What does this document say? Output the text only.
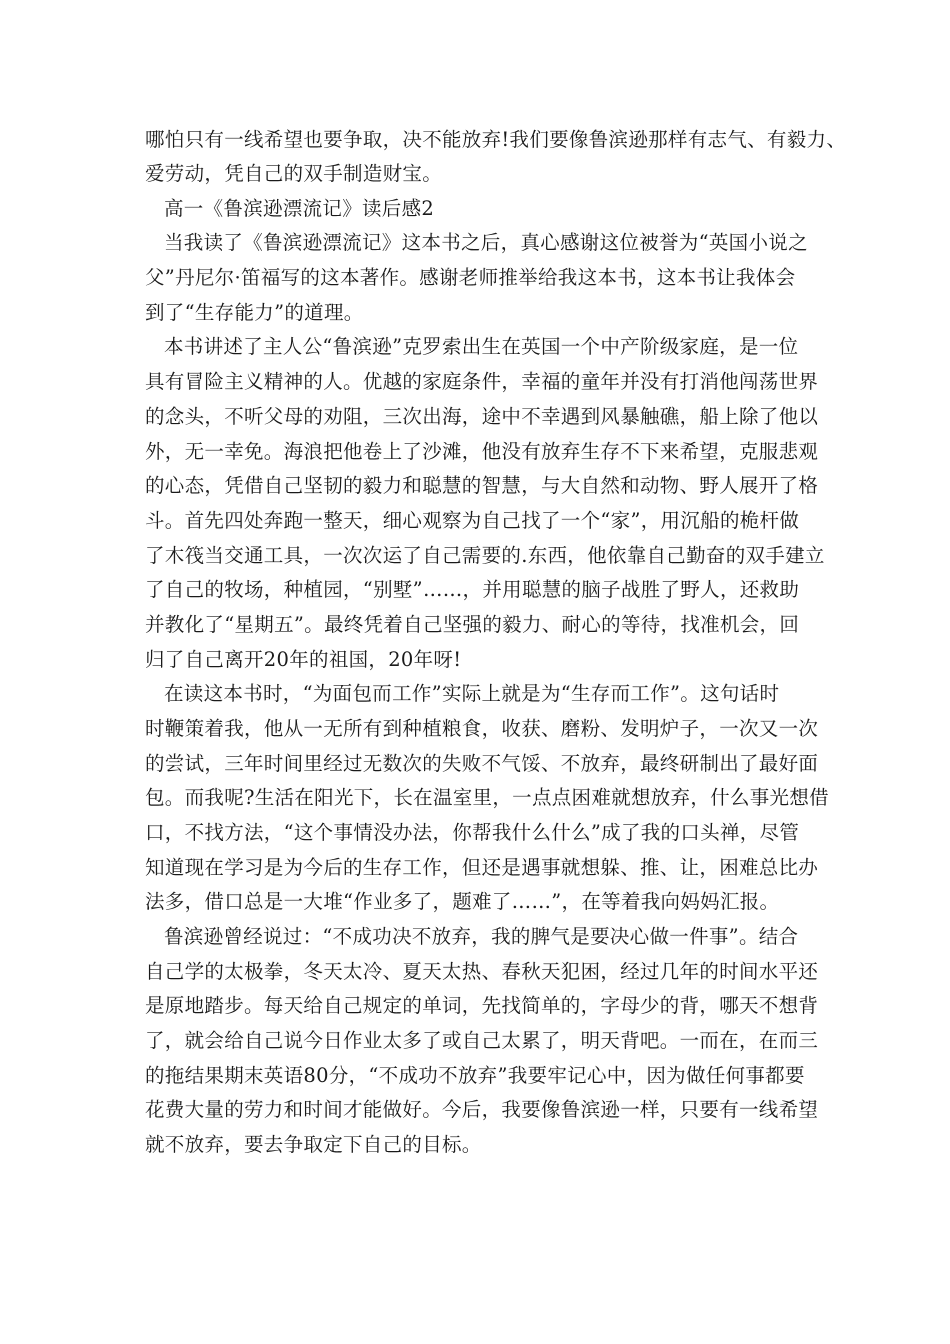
哪怕只有一线希望也要争取，决不能放弃!我们要像鲁滨逊那样有志气、有毅力、
爱劳动，凭自己的双手制造财宝。
高一《鲁滨逊漂流记》读后感2
当我读了《鲁滨逊漂流记》这本书之后，真心感谢这位被誉为“英国小说之
父”丹尼尔·笛福写的这本著作。感谢老师推举给我这本书，这本书让我体会
到了“生存能力”的道理。
本书讲述了主人公“鲁滨逊”克罗索出生在英国一个中产阶级家庭，是一位
具有冒险主义精神的人。优越的家庭条件，幸福的童年并没有打消他闯荡世界
的念头，不听父母的劝阻，三次出海，途中不幸遇到风暴触礁，船上除了他以
外，无一幸免。海浪把他卷上了沙滩，他没有放弃生存不下来希望，克服悲观
的心态，凭借自己坚韧的毅力和聪慧的智慧，与大自然和动物、野人展开了格
斗。首先四处奔跑一整天，细心观察为自己找了一个“家”，用沉船的桅杆做
了木筏当交通工具，一次次运了自己需要的.东西，他依靠自己勤奋的双手建立
了自己的牧场，种植园，“别墅”……，并用聪慧的脑子战胜了野人，还救助
并教化了“星期五”。最终凭着自己坚强的毅力、耐心的等待，找准机会，回
归了自己离开20年的祖国，20年呀!
在读这本书时，“为面包而工作”实际上就是为“生存而工作”。这句话时
时鞭策着我，他从一无所有到种植粮食，收获、磨粉、发明炉子，一次又一次
的尝试，三年时间里经过无数次的失败不气馁、不放弃，最终研制出了最好面
包。而我呢?生活在阳光下，长在温室里，一点点困难就想放弃，什么事光想借
口，不找方法，“这个事情没办法，你帮我什么什么”成了我的口头禅，尽管
知道现在学习是为今后的生存工作，但还是遇事就想躲、推、让，困难总比办
法多，借口总是一大堆“作业多了，题难了……”，在等着我向妈妈汇报。
鲁滨逊曾经说过：“不成功决不放弃，我的脾气是要决心做一件事”。结合
自己学的太极拳，冬天太冷、夏天太热、春秋天犯困，经过几年的时间水平还
是原地踏步。每天给自己规定的单词，先找简单的，字母少的背，哪天不想背
了，就会给自己说今日作业太多了或自己太累了，明天背吧。一而在，在而三
的拖结果期末英语80分，“不成功不放弃”我要牢记心中，因为做任何事都要
花费大量的劳力和时间才能做好。今后，我要像鲁滨逊一样，只要有一线希望
就不放弃，要去争取定下自己的目标。
